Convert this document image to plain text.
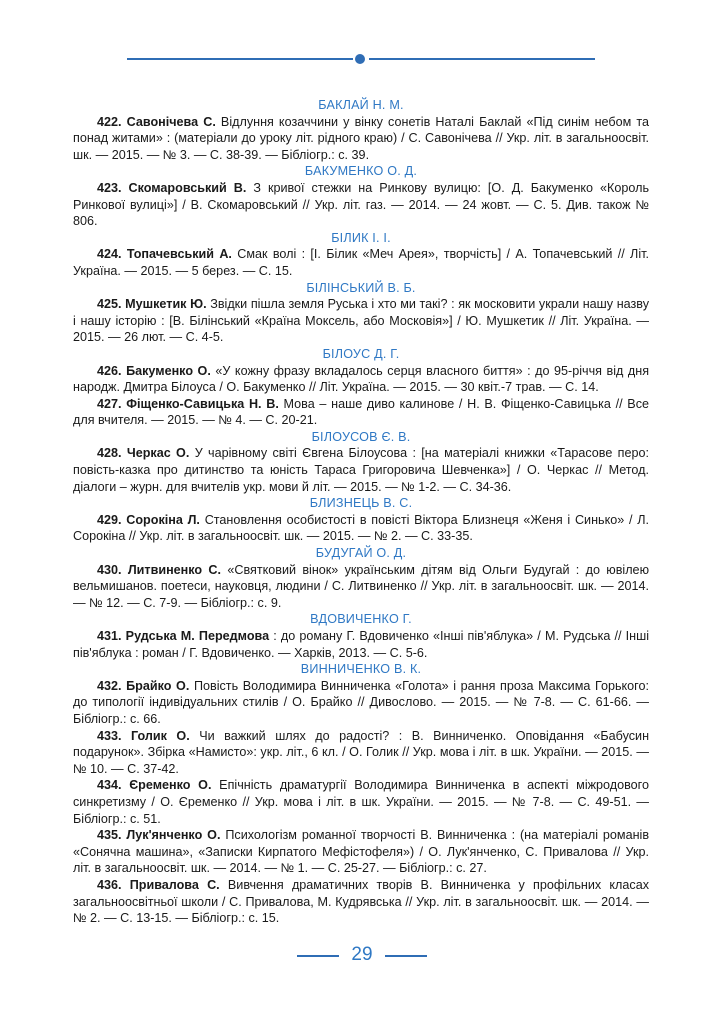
БАКЛАЙ Н. М.

422. Савонічева С. Відлуння козаччини у вінку сонетів Наталі Баклай «Під синім небом та понад житами» : (матеріали до уроку літ. рідного краю) / С. Савонічева // Укр. літ. в загальноосвіт. шк. — 2015. — № 3. — С. 38-39. — Бібліогр.: с. 39.

БАКУМЕНКО О. Д.

423. Скомаровський В. З кривої стежки на Ринкову вулицю: [О. Д. Бакуменко «Король Ринкової вулиці»] / В. Скомаровський // Укр. літ. газ. — 2014. — 24 жовт. — С. 5. Див. також № 806.

БІЛИК І. І.

424. Топачевський А. Смак волі : [І. Білик «Меч Арея», творчість] / А. Топачевський // Літ. Україна. — 2015. — 5 берез. — С. 15.

БІЛІНСЬКИЙ В. Б.

425. Мушкетик Ю. Звідки пішла земля Руська і хто ми такі? : як московити украли нашу назву і нашу історію : [В. Білінський «Країна Моксель, або Московія»] / Ю. Мушкетик // Літ. Україна. — 2015. — 26 лют. — С. 4-5.

БІЛОУС Д. Г.

426. Бакуменко О. «У кожну фразу вкладалось серця власного биття» : до 95-річчя від дня народж. Дмитра Білоуса / О. Бакуменко // Літ. Україна. — 2015. — 30 квіт.-7 трав. — С. 14.

427. Фіщенко-Савицька Н. В. Мова – наше диво калинове / Н. В. Фіщенко-Савицька // Все для вчителя. — 2015. — № 4. — С. 20-21.

БІЛОУСОВ Є. В.

428. Черкас О. У чарівному світі Євгена Білоусова : [на матеріалі книжки «Тарасове перо: повість-казка про дитинство та юність Тараса Григоровича Шевченка»] / О. Черкас // Метод. діалоги – журн. для вчителів укр. мови й літ. — 2015. — № 1-2. — С. 34-36.

БЛИЗНЕЦЬ В. С.

429. Сорокіна Л. Становлення особистості в повісті Віктора Близнеця «Женя і Синько» / Л. Сорокіна // Укр. літ. в загальноосвіт. шк. — 2015. — № 2. — С. 33-35.

БУДУГАЙ О. Д.

430. Литвиненко С. «Святковий вінок» українським дітям від Ольги Будугай : до ювілею вельмишанов. поетеси, науковця, людини / С. Литвиненко // Укр. літ. в загальноосвіт. шк. — 2014. — № 12. — С. 7-9. — Бібліогр.: с. 9.

ВДОВИЧЕНКО Г.

431. Рудська М. Передмова : до роману Г. Вдовиченко «Інші пів'яблука» / М. Рудська // Інші пів'яблука : роман / Г. Вдовиченко. — Харків, 2013. — С. 5-6.

ВИННИЧЕНКО В. К.

432. Брайко О. Повість Володимира Винниченка «Голота» і рання проза Максима Горького: до типології індивідуальних стилів / О. Брайко // Дивослово. — 2015. — № 7-8. — С. 61-66. — Бібліогр.: с. 66.

433. Голик О. Чи важкий шлях до радості? : В. Винниченко. Оповідання «Бабусин подарунок». Збірка «Намисто»: укр. літ., 6 кл. / О. Голик // Укр. мова і літ. в шк. України. — 2015. — № 10. — С. 37-42.

434. Єременко О. Епічність драматургії Володимира Винниченка в аспекті міжродового синкретизму / О. Єременко // Укр. мова і літ. в шк. України. — 2015. — № 7-8. — С. 49-51. — Бібліогр.: с. 51.

435. Лук'янченко О. Психологізм романної творчості В. Винниченка : (на матеріалі романів «Сонячна машина», «Записки Кирпатого Мефістофеля») / О. Лук'янченко, С. Привалова // Укр. літ. в загальноосвіт. шк. — 2014. — № 1. — С. 25-27. — Бібліогр.: с. 27.

436. Привалова С. Вивчення драматичних творів В. Винниченка у профільних класах загальноосвітньої школи / С. Привалова, М. Кудрявська // Укр. літ. в загальноосвіт. шк. — 2014. — № 2. — С. 13-15. — Бібліогр.: с. 15.

29
